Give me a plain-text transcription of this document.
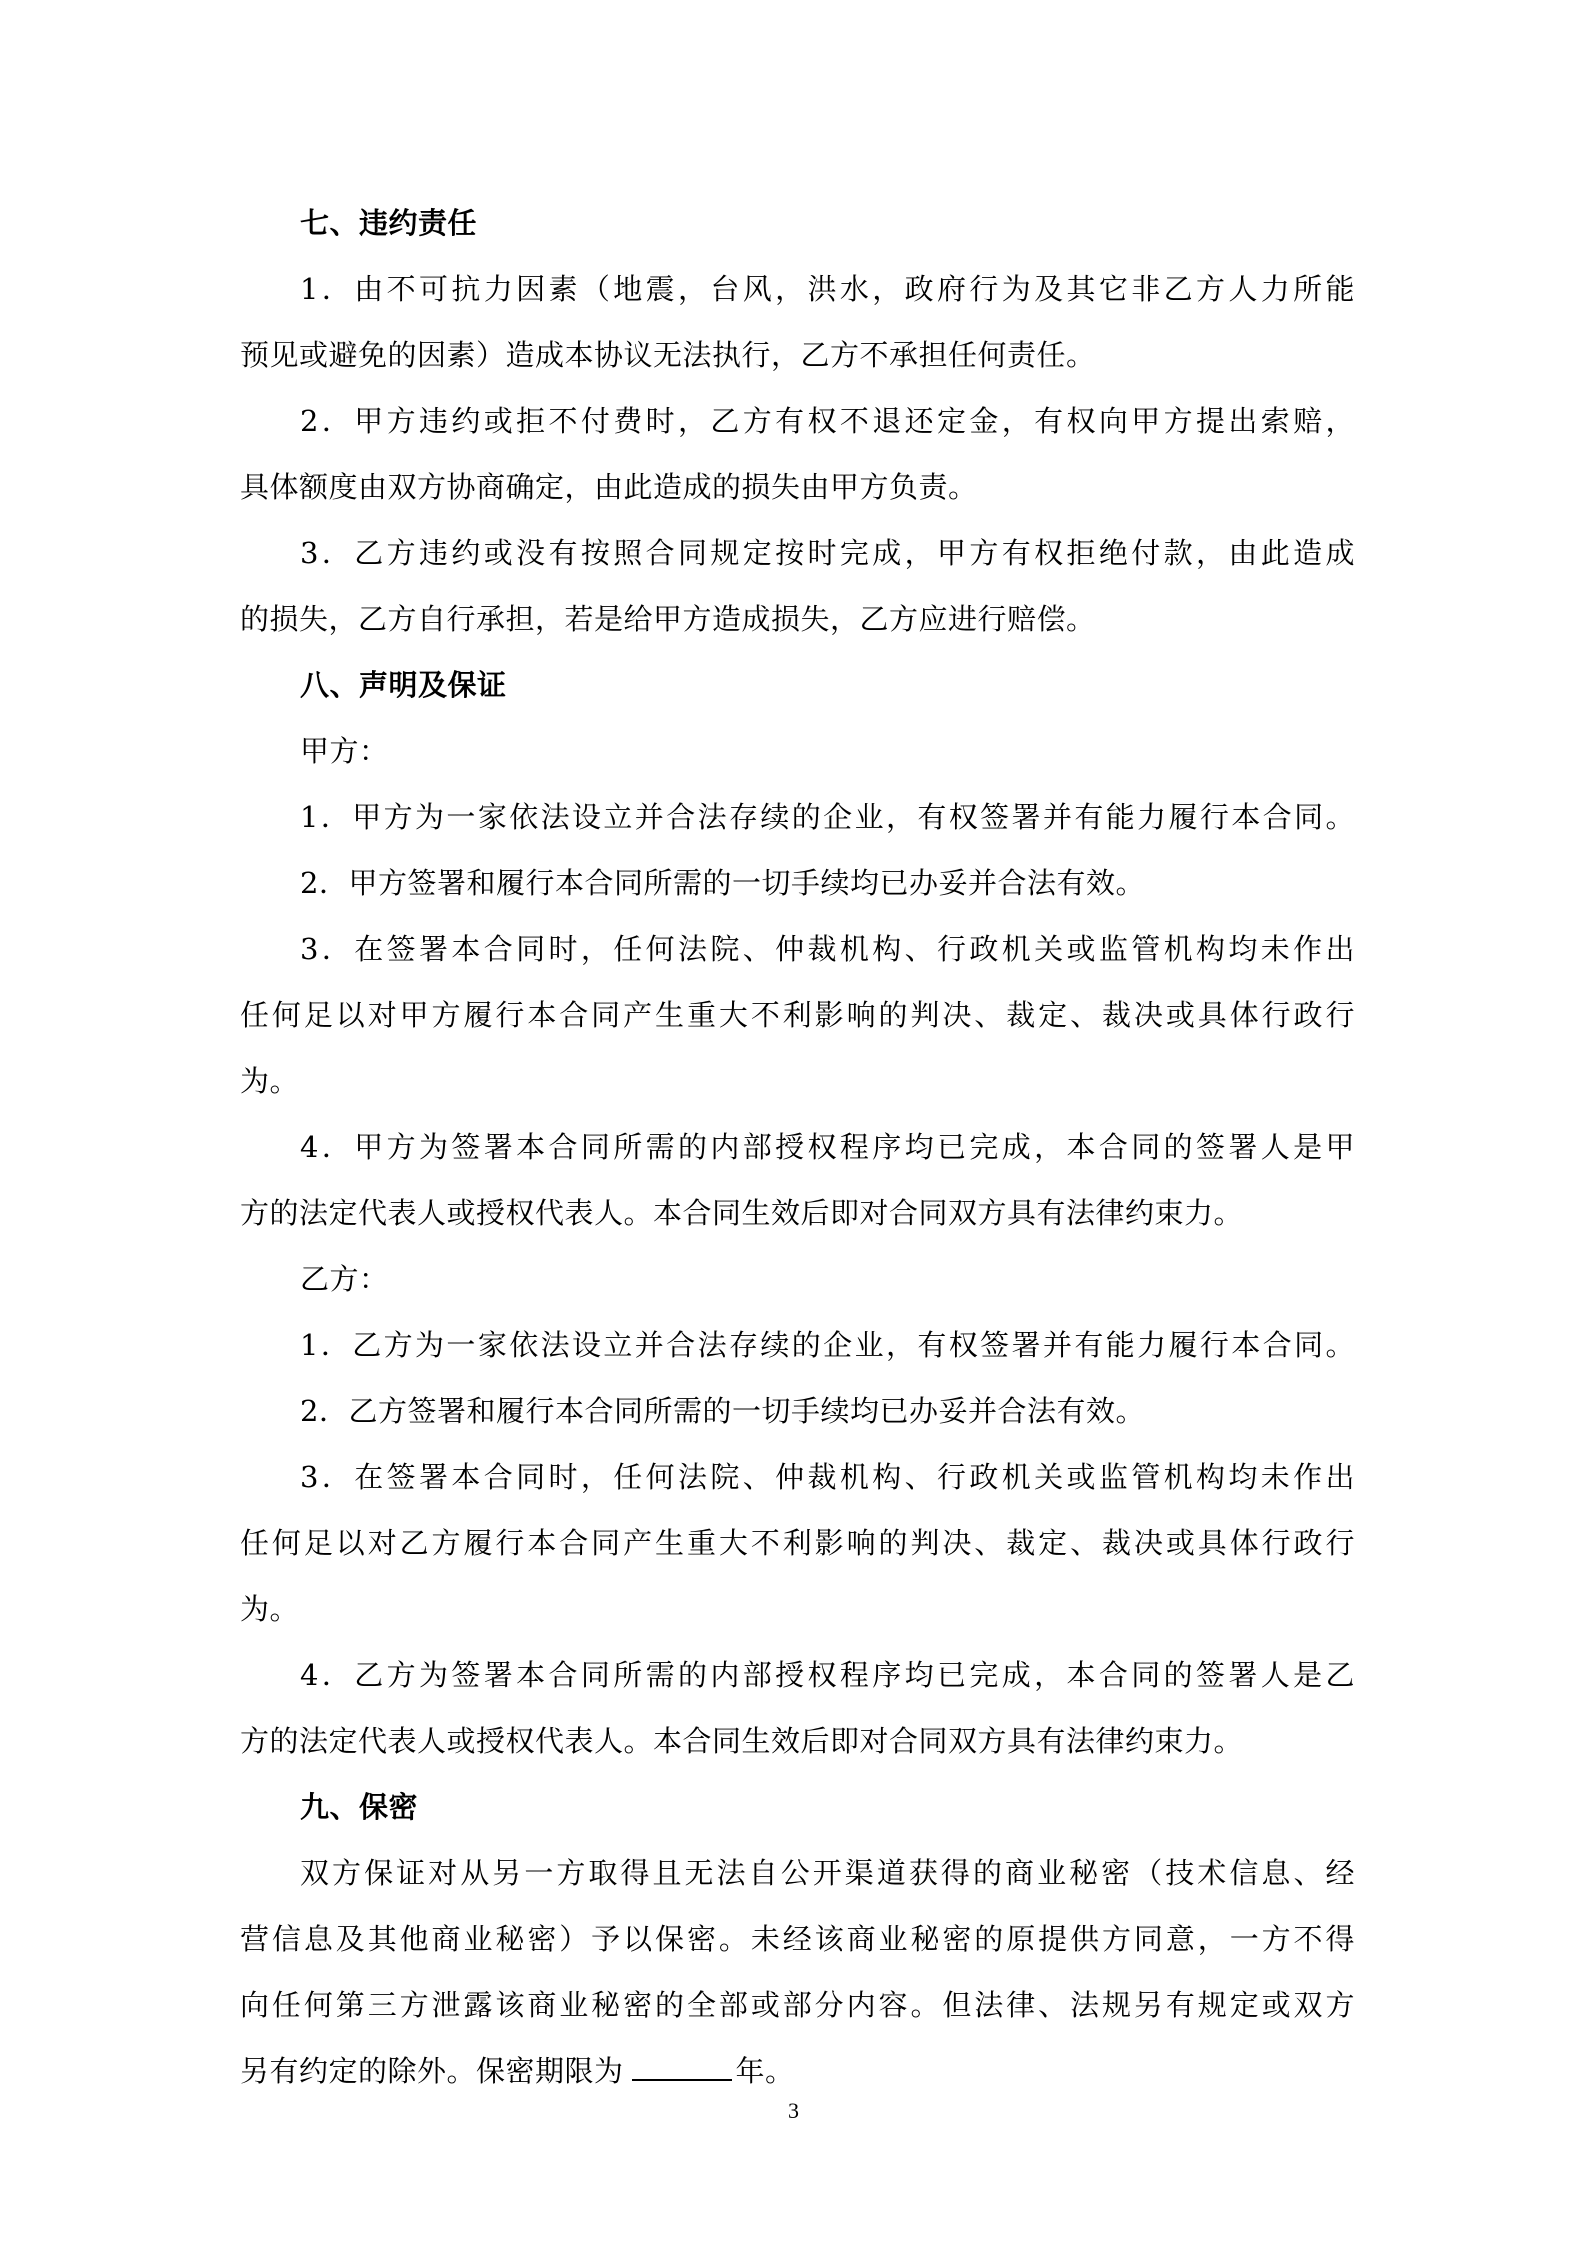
七、违约责任
1．由不可抗力因素（地震，台风，洪水，政府行为及其它非乙方人力所能
预见或避免的因素）造成本协议无法执行，乙方不承担任何责任。
2．甲方违约或拒不付费时，乙方有权不退还定金，有权向甲方提出索赔，
具体额度由双方协商确定，由此造成的损失由甲方负责。
3．乙方违约或没有按照合同规定按时完成，甲方有权拒绝付款，由此造成
的损失，乙方自行承担，若是给甲方造成损失，乙方应进行赔偿。
八、声明及保证
甲方：
1．甲方为一家依法设立并合法存续的企业，有权签署并有能力履行本合同。
2．甲方签署和履行本合同所需的一切手续均已办妥并合法有效。
3．在签署本合同时，任何法院、仲裁机构、行政机关或监管机构均未作出
任何足以对甲方履行本合同产生重大不利影响的判决、裁定、裁决或具体行政行
为。
4．甲方为签署本合同所需的内部授权程序均已完成，本合同的签署人是甲
方的法定代表人或授权代表人。本合同生效后即对合同双方具有法律约束力。
乙方：
1．乙方为一家依法设立并合法存续的企业，有权签署并有能力履行本合同。
2．乙方签署和履行本合同所需的一切手续均已办妥并合法有效。
3．在签署本合同时，任何法院、仲裁机构、行政机关或监管机构均未作出
任何足以对乙方履行本合同产生重大不利影响的判决、裁定、裁决或具体行政行
为。
4．乙方为签署本合同所需的内部授权程序均已完成，本合同的签署人是乙
方的法定代表人或授权代表人。本合同生效后即对合同双方具有法律约束力。
九、保密
双方保证对从另一方取得且无法自公开渠道获得的商业秘密（技术信息、经
营信息及其他商业秘密）予以保密。未经该商业秘密的原提供方同意，一方不得
向任何第三方泄露该商业秘密的全部或部分内容。但法律、法规另有规定或双方
另有约定的除外。保密期限为	年。
3
